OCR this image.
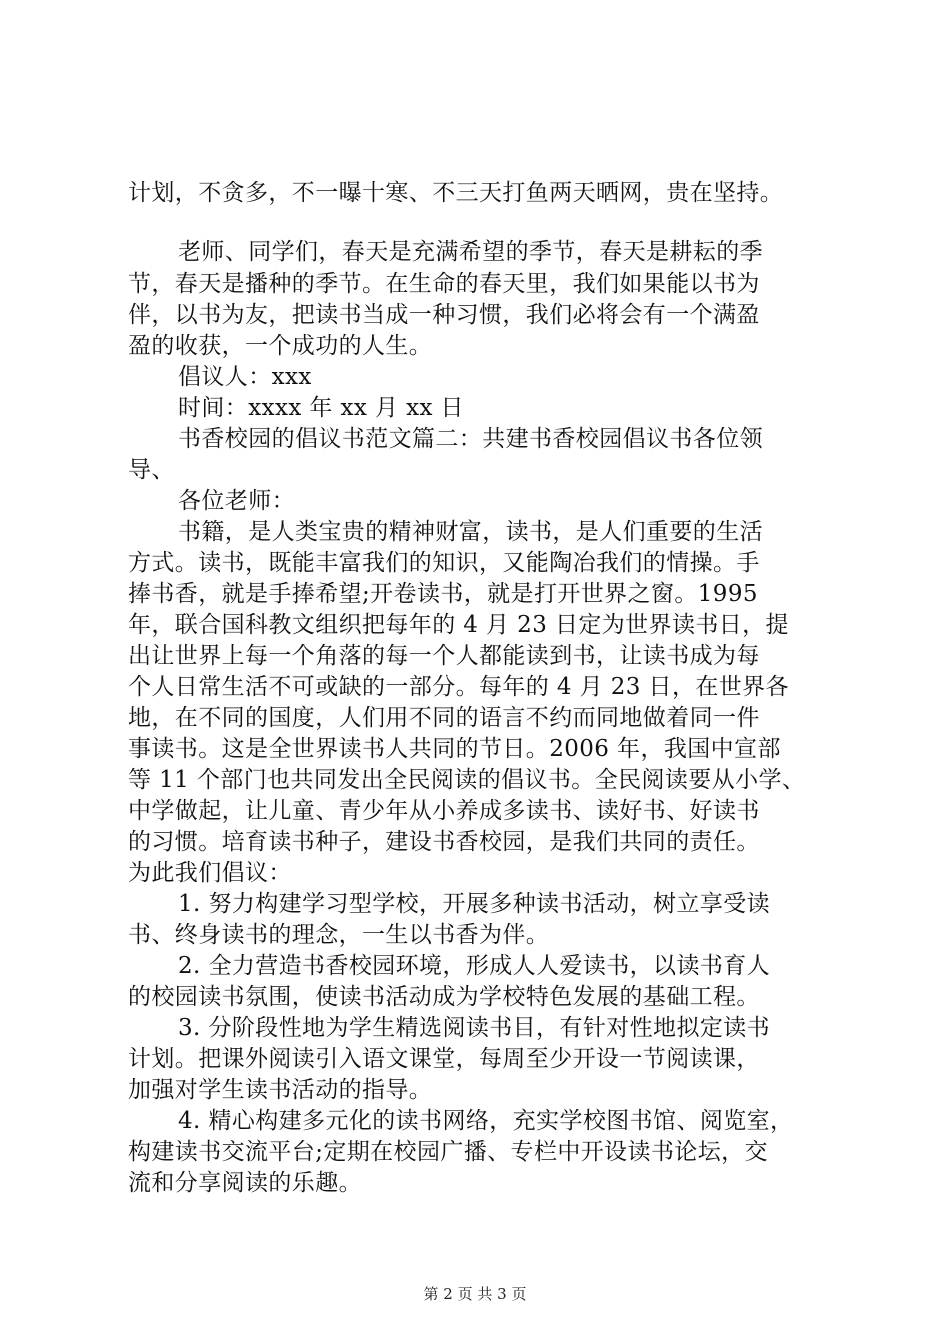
计划，不贪多，不一曝十寒、不三天打鱼两天晒网，贵在坚持。
老师、同学们，春天是充满希望的季节，春天是耕耘的季
节，春天是播种的季节。在生命的春天里，我们如果能以书为
伴，以书为友，把读书当成一种习惯，我们必将会有一个满盈
盈的收获，一个成功的人生。
倡议人：xxx
时间：xxxx 年 xx 月 xx 日
书香校园的倡议书范文篇二：共建书香校园倡议书各位领
导、
各位老师：
书籍，是人类宝贵的精神财富，读书，是人们重要的生活
方式。读书，既能丰富我们的知识，又能陶冶我们的情操。手
捧书香，就是手捧希望;开卷读书，就是打开世界之窗。1995
年，联合国科教文组织把每年的 4 月 23 日定为世界读书日，提
出让世界上每一个角落的每一个人都能读到书，让读书成为每
个人日常生活不可或缺的一部分。每年的 4 月 23 日，在世界各
地，在不同的国度，人们用不同的语言不约而同地做着同一件
事读书。这是全世界读书人共同的节日。2006 年，我国中宣部
等 11 个部门也共同发出全民阅读的倡议书。全民阅读要从小学、
中学做起，让儿童、青少年从小养成多读书、读好书、好读书
的习惯。培育读书种子，建设书香校园，是我们共同的责任。
为此我们倡议：
1. 努力构建学习型学校，开展多种读书活动，树立享受读
书、终身读书的理念，一生以书香为伴。
2. 全力营造书香校园环境，形成人人爱读书，以读书育人
的校园读书氛围，使读书活动成为学校特色发展的基础工程。
3. 分阶段性地为学生精选阅读书目，有针对性地拟定读书
计划。把课外阅读引入语文课堂，每周至少开设一节阅读课，
加强对学生读书活动的指导。
4. 精心构建多元化的读书网络，充实学校图书馆、阅览室，
构建读书交流平台;定期在校园广播、专栏中开设读书论坛，交
流和分享阅读的乐趣。
第 2 页 共 3 页
